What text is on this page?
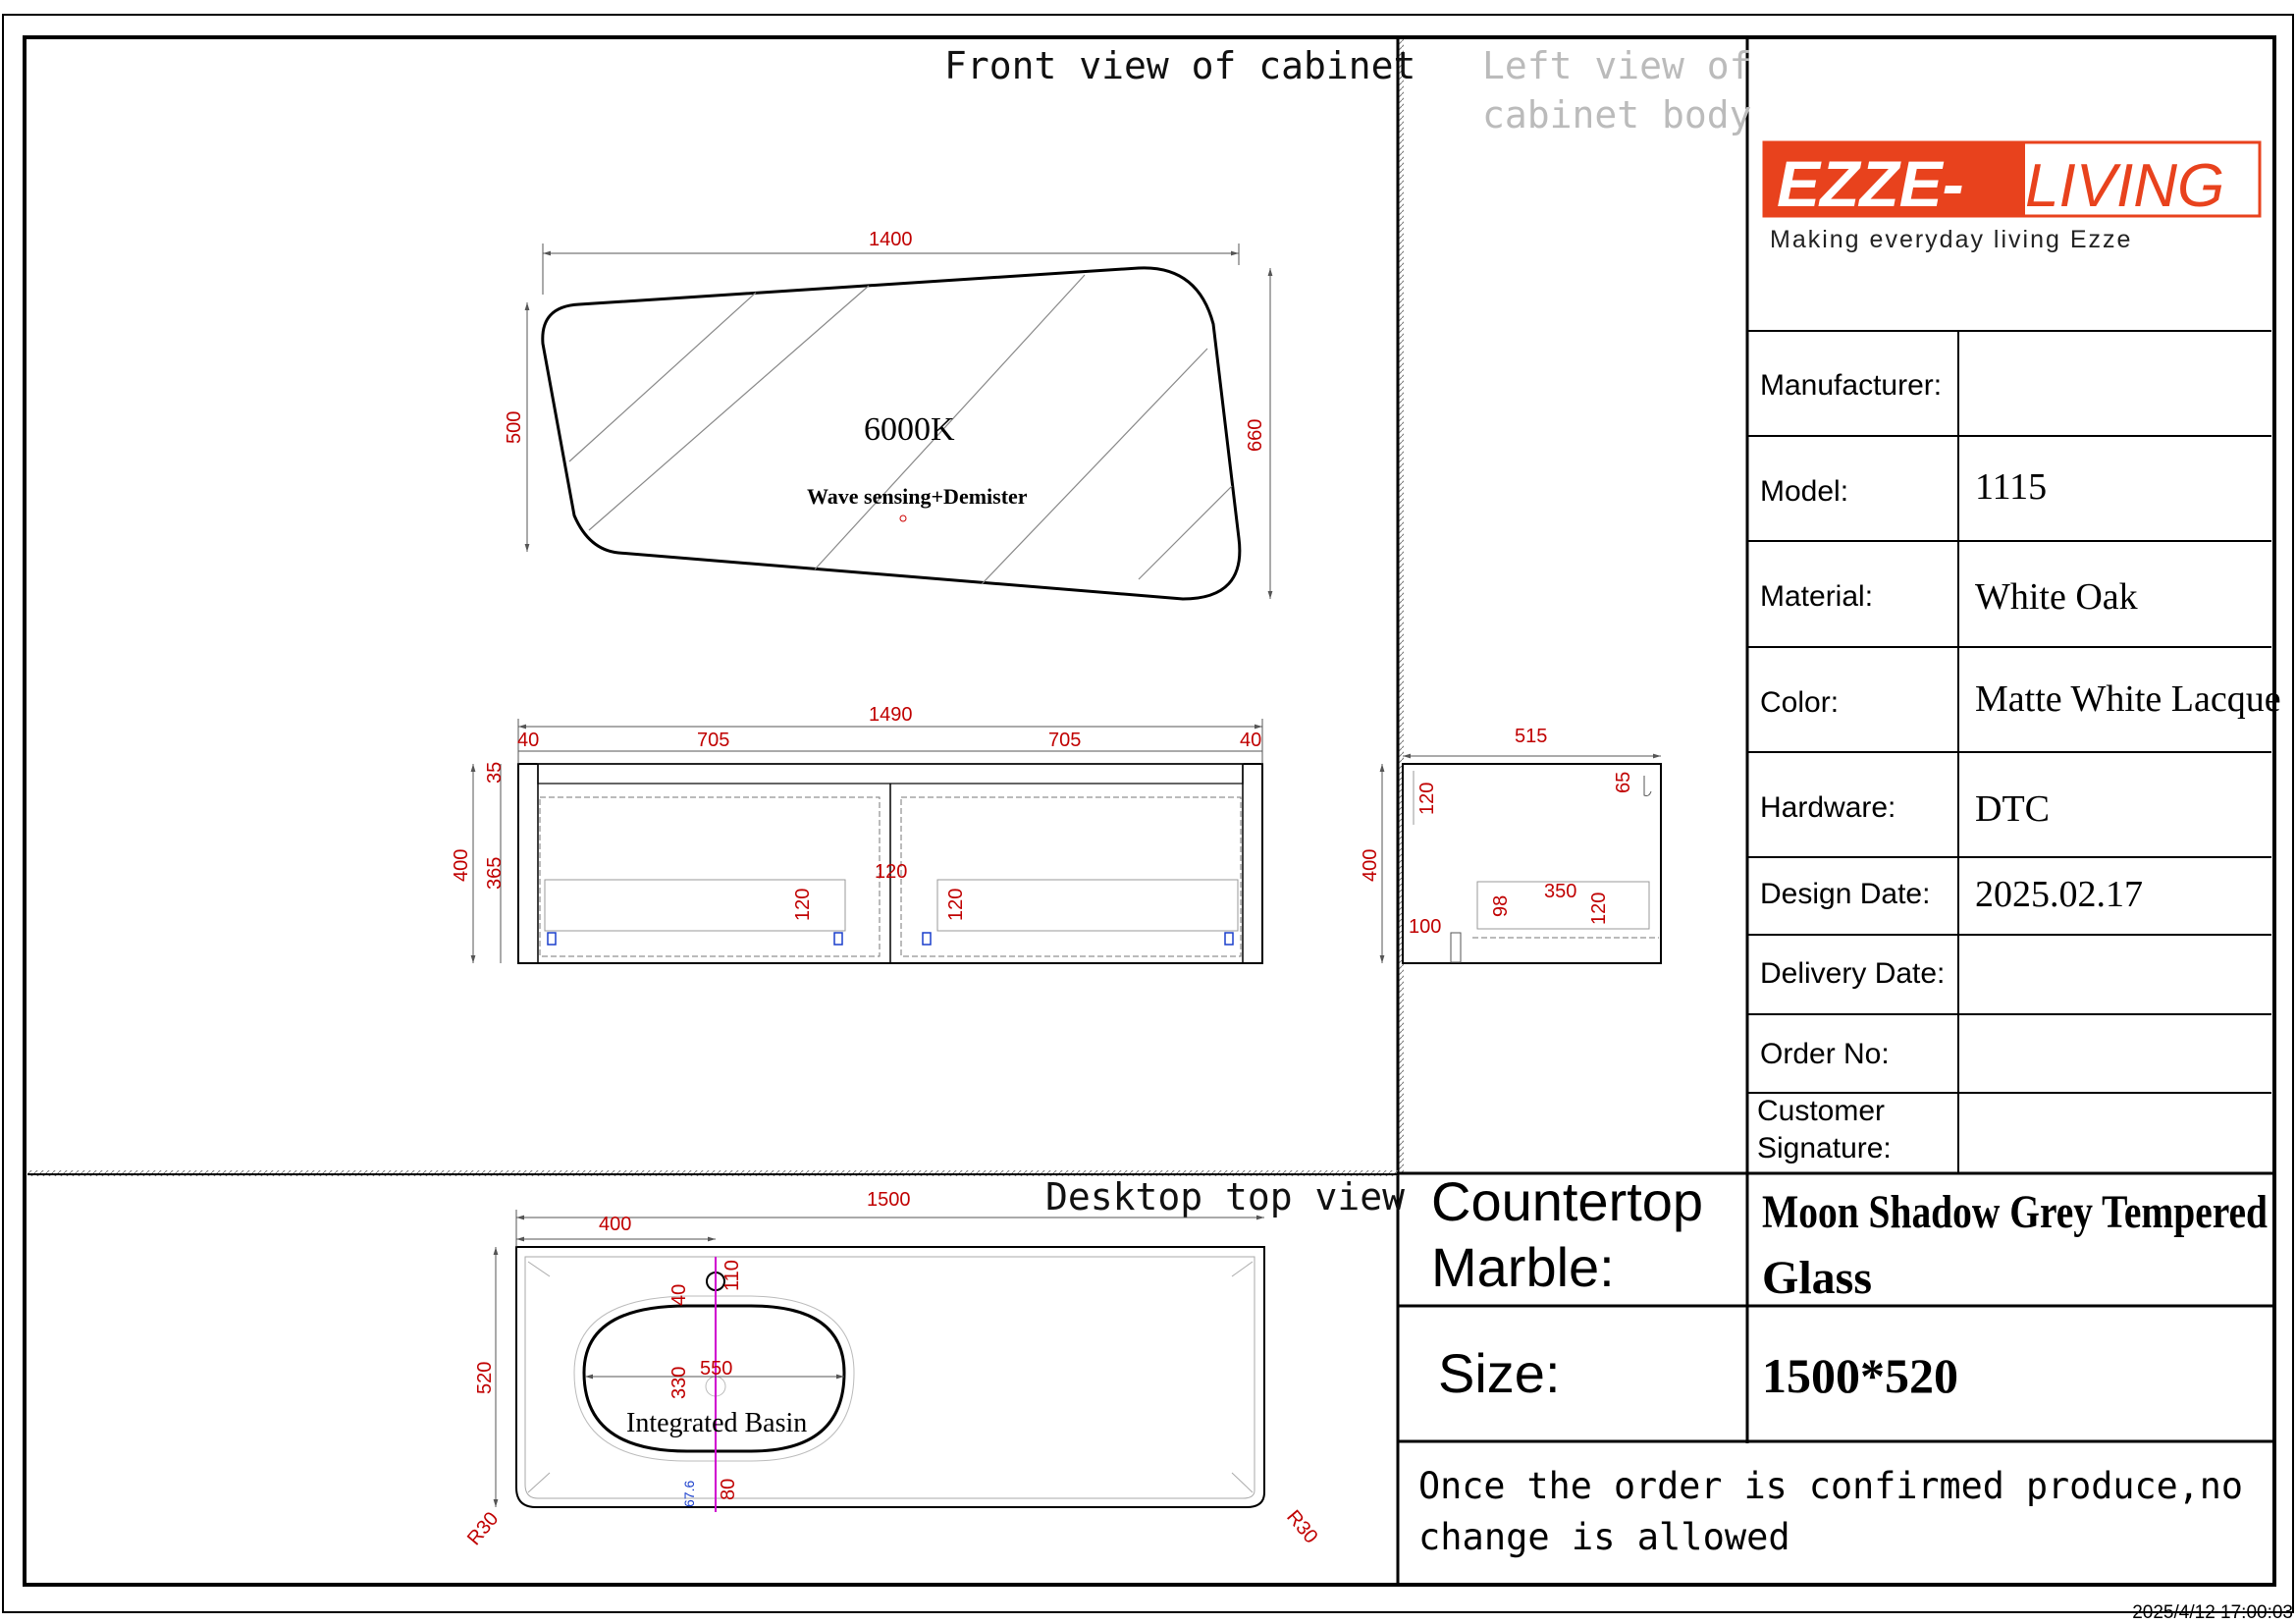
Front view of cabinet Left view of
cabinet body
Desktop top view
6000K
Wave sensing+Demister
1400
500	660
1490
40	705	705	40
400
35
365	120
120	120
515
400
120	65
100
98
350
120
550
330
Integrated Basin
40
110
80
67.6
1500
400
520
R30	R30
EZZE- LIVING
Making everyday living Ezze
Manufacturer:
Model:	1115
Material:	White Oak
Color:	Matte White Lacque
Hardware: DTC
Design Date: 2025.02.17
Delivery Date:
Order No:
Customer Signature:
Countertop
Marble:
Moon Shadow Grey Tempered
Glass
Size:	1500*520
Once the order is confirmed produce,no
change is allowed
2025/4/12 17:00:03
